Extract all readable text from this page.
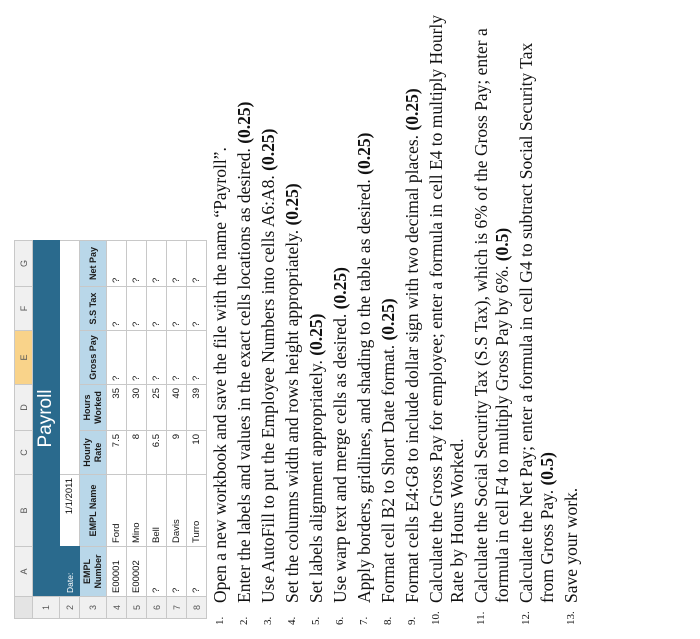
	A	B	C	D	E	F	G
1	Payroll						
2	Date:	1/1/2011					
3	EMPL Number	EMPL Name	Hourly Rate	Hours Worked	Gross Pay	S.S Tax	Net Pay
4	E00001	Ford	7.5	35	?	?	?
5	E00002	Mino	8	30	?	?	?
6	?	Bell	6.5	25	?	?	?
7	?	Davis	9	40	?	?	?
8	?	Turro	10	39	?	?	?
1.
Open a new workbook and save the file with the name “Payroll”.
2.
Enter the labels and values in the exact cells locations as desired. (0.25)
3.
Use AutoFill to put the Employee Numbers into cells A6:A8. (0.25)
4.
Set the columns width and rows height appropriately. (0.25)
5.
Set labels alignment appropriately. (0.25)
6.
Use warp text and merge cells as desired. (0.25)
7.
Apply borders, gridlines, and shading to the table as desired. (0.25)
8.
Format cell B2 to Short Date format. (0.25)
9.
Format cells E4:G8 to include dollar sign with two decimal places. (0.25)
10.
Calculate the Gross Pay for employee; enter a formula in cell E4 to multiply Hourly Rate by Hours Worked.
11.
Calculate the Social Security Tax (S.S Tax), which is 6% of the Gross Pay; enter a formula in cell F4 to multiply Gross Pay by 6%. (0.5)
12.
Calculate the Net Pay; enter a formula in cell G4 to subtract Social Security Tax from Gross Pay. (0.5)
13.
Save your work.
